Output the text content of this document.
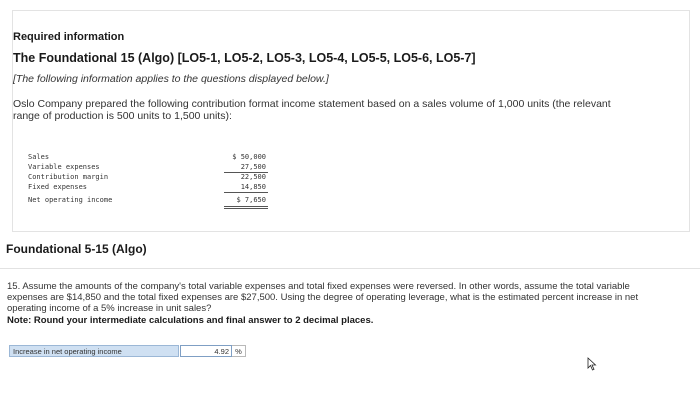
Required information
The Foundational 15 (Algo) [LO5-1, LO5-2, LO5-3, LO5-4, LO5-5, LO5-6, LO5-7]
[The following information applies to the questions displayed below.]
Oslo Company prepared the following contribution format income statement based on a sales volume of 1,000 units (the relevant range of production is 500 units to 1,500 units):
Sales	$ 50,000
Variable expenses	27,500
Contribution margin	22,500
Fixed expenses	14,850
Net operating income	$ 7,650
Foundational 5-15 (Algo)
15. Assume the amounts of the company's total variable expenses and total fixed expenses were reversed. In other words, assume the total variable expenses are $14,850 and the total fixed expenses are $27,500. Using the degree of operating leverage, what is the estimated percent increase in net operating income of a 5% increase in unit sales?
Note: Round your intermediate calculations and final answer to 2 decimal places.
Increase in net operating income
4.92	%
